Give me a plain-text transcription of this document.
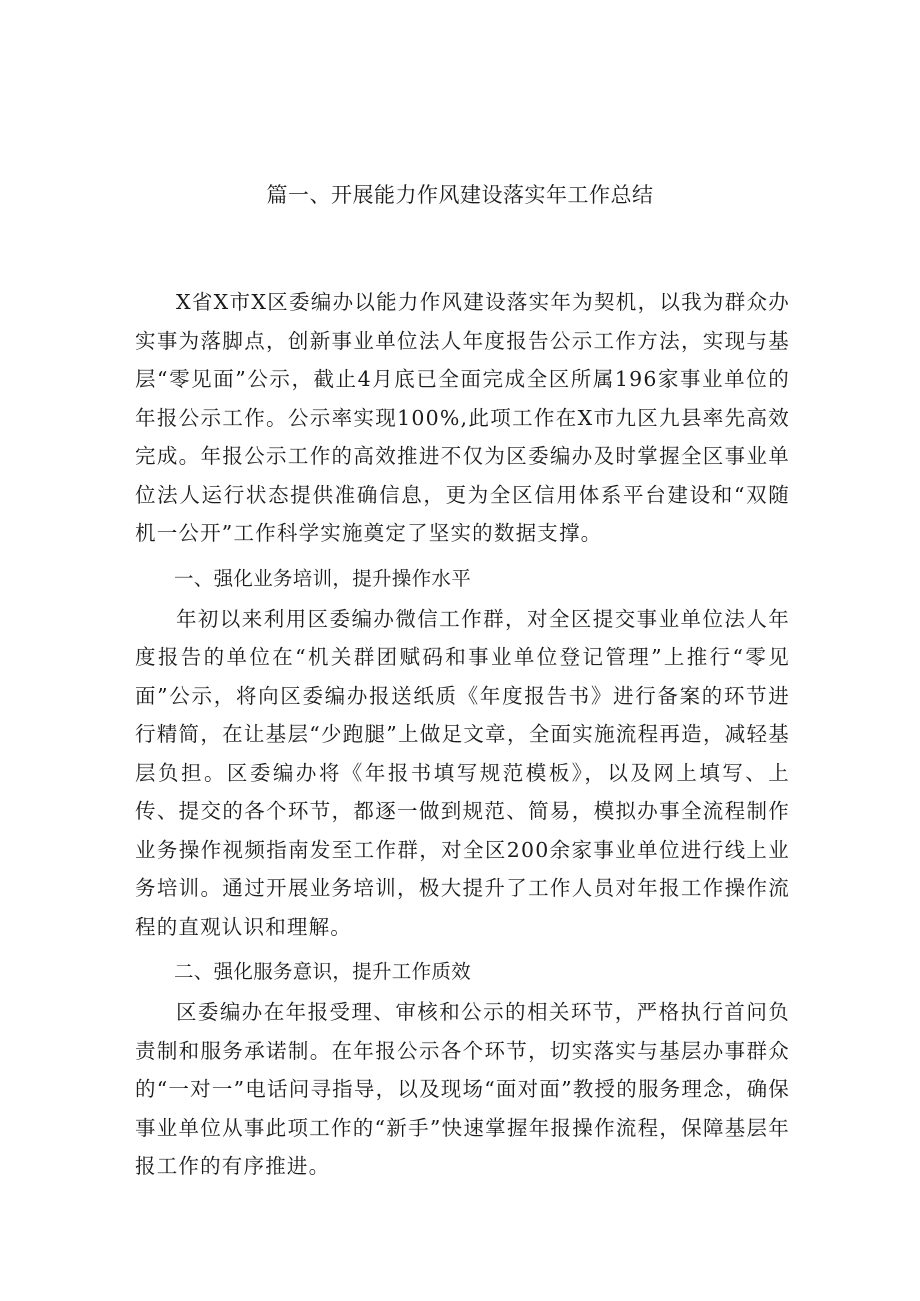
篇一、开展能力作风建设落实年工作总结

X省X市X区委编办以能力作风建设落实年为契机，以我为群众办实事为落脚点，创新事业单位法人年度报告公示工作方法，实现与基层“零见面”公示，截止4月底已全面完成全区所属196家事业单位的年报公示工作。公示率实现100%,此项工作在X市九区九县率先高效完成。年报公示工作的高效推进不仅为区委编办及时掌握全区事业单位法人运行状态提供准确信息，更为全区信用体系平台建设和“双随机一公开”工作科学实施奠定了坚实的数据支撑。

一、强化业务培训，提升操作水平

年初以来利用区委编办微信工作群，对全区提交事业单位法人年度报告的单位在“机关群团赋码和事业单位登记管理”上推行“零见面”公示，将向区委编办报送纸质《年度报告书》进行备案的环节进行精简，在让基层“少跑腿”上做足文章，全面实施流程再造，减轻基层负担。区委编办将《年报书填写规范模板》，以及网上填写、上传、提交的各个环节，都逐一做到规范、简易，模拟办事全流程制作业务操作视频指南发至工作群，对全区200余家事业单位进行线上业务培训。通过开展业务培训，极大提升了工作人员对年报工作操作流程的直观认识和理解。

二、强化服务意识，提升工作质效

区委编办在年报受理、审核和公示的相关环节，严格执行首问负责制和服务承诺制。在年报公示各个环节，切实落实与基层办事群众的“一对一”电话问寻指导，以及现场“面对面”教授的服务理念，确保事业单位从事此项工作的“新手”快速掌握年报操作流程，保障基层年报工作的有序推进。
